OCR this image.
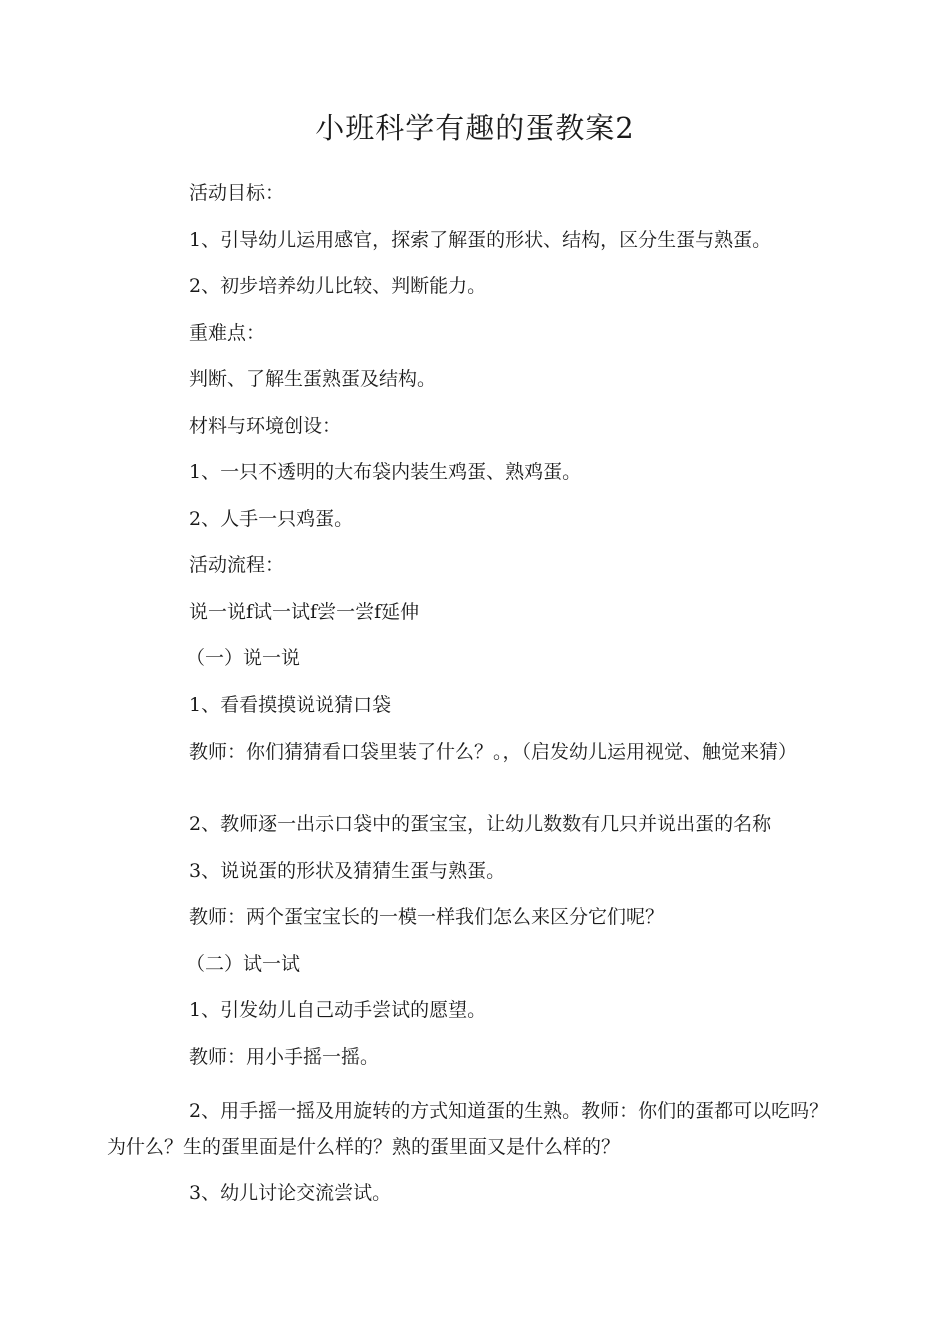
小班科学有趣的蛋教案2

活动目标：

1、引导幼儿运用感官，探索了解蛋的形状、结构，区分生蛋与熟蛋。

2、初步培养幼儿比较、判断能力。

重难点：

判断、了解生蛋熟蛋及结构。

材料与环境创设：

1、一只不透明的大布袋内装生鸡蛋、熟鸡蛋。

2、人手一只鸡蛋。

活动流程：

说一说f试一试f尝一尝f延伸

（一）说一说

1、看看摸摸说说猜口袋

教师：你们猜猜看口袋里装了什么？。，（启发幼儿运用视觉、触觉来猜）

2、教师逐一出示口袋中的蛋宝宝，让幼儿数数有几只并说出蛋的名称

3、说说蛋的形状及猜猜生蛋与熟蛋。

教师：两个蛋宝宝长的一模一样我们怎么来区分它们呢？

（二）试一试

1、引发幼儿自己动手尝试的愿望。

教师：用小手摇一摇。

2、用手摇一摇及用旋转的方式知道蛋的生熟。教师：你们的蛋都可以吃吗？为什么？生的蛋里面是什么样的？熟的蛋里面又是什么样的？

3、幼儿讨论交流尝试。
